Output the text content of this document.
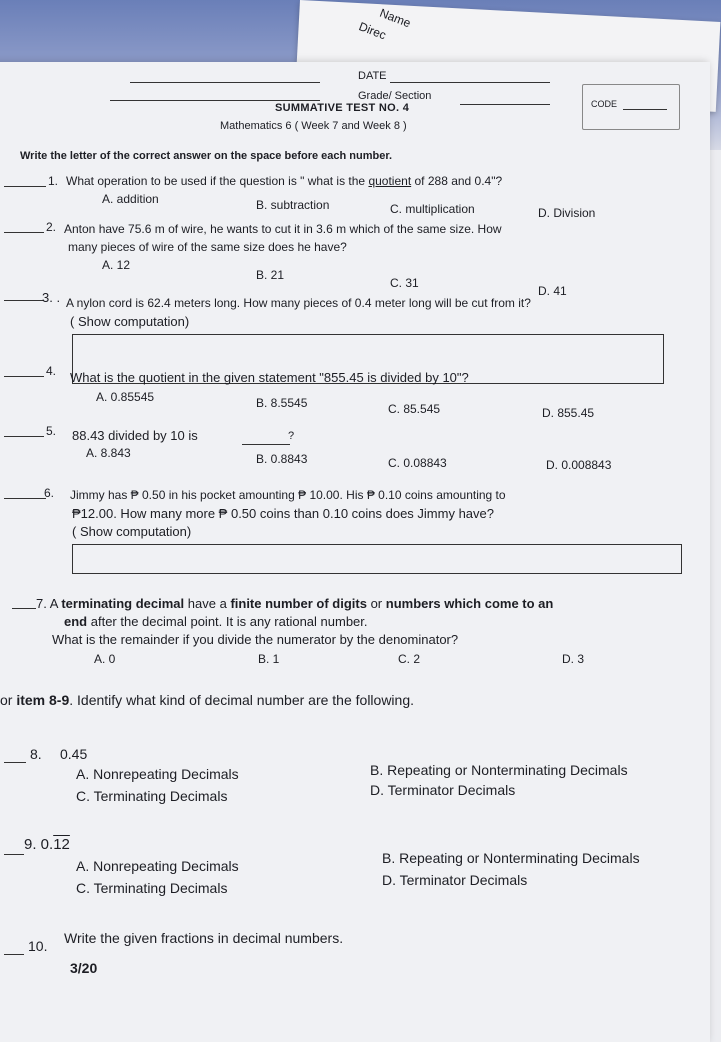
Name
Direc
DATE
Grade/ Section
CODE
SUMMATIVE TEST NO. 4
Mathematics 6 ( Week 7 and Week 8 )
Write the letter of the correct answer on the space before each number.
1. What operation to be used if the question is " what is the quotient of 288 and 0.4"?
A. addition	B. subtraction	C. multiplication	D. Division
2. Anton have 75.6 m of wire, he wants to cut it in 3.6 m which of the same size. How
many pieces of wire of the same size does he have?
A. 12
B. 21
C. 31
D. 41
3. . A nylon cord is 62.4 meters long. How many pieces of 0.4 meter long will be cut from it?
( Show computation)
4. What is the quotient in the given statement "855.45 is divided by 10"?
A. 0.85545	B. 8.5545	C. 85.545	D. 855.45
5. 88.43 divided by 10 is	?
A. 8.843	B. 0.8843	C. 0.08843	D. 0.008843
6. Jimmy has ₱ 0.50 in his pocket amounting ₱ 10.00. His ₱ 0.10 coins amounting to
₱12.00. How many more ₱ 0.50 coins than 0.10 coins does Jimmy have?
( Show computation)
7. A terminating decimal have a finite number of digits or numbers which come to an
end after the decimal point. It is any rational number.
What is the remainder if you divide the numerator by the denominator?
A. 0	B. 1	C. 2	D. 3
or item 8-9. Identify what kind of decimal number are the following.
8. 0.45
A. Nonrepeating Decimals	B. Repeating or Nonterminating Decimals
C. Terminating Decimals	D. Terminator Decimals
9. 0.12
A. Nonrepeating Decimals	B. Repeating or Nonterminating Decimals
C. Terminating Decimals	D. Terminator Decimals
10. Write the given fractions in decimal numbers.
3/20
